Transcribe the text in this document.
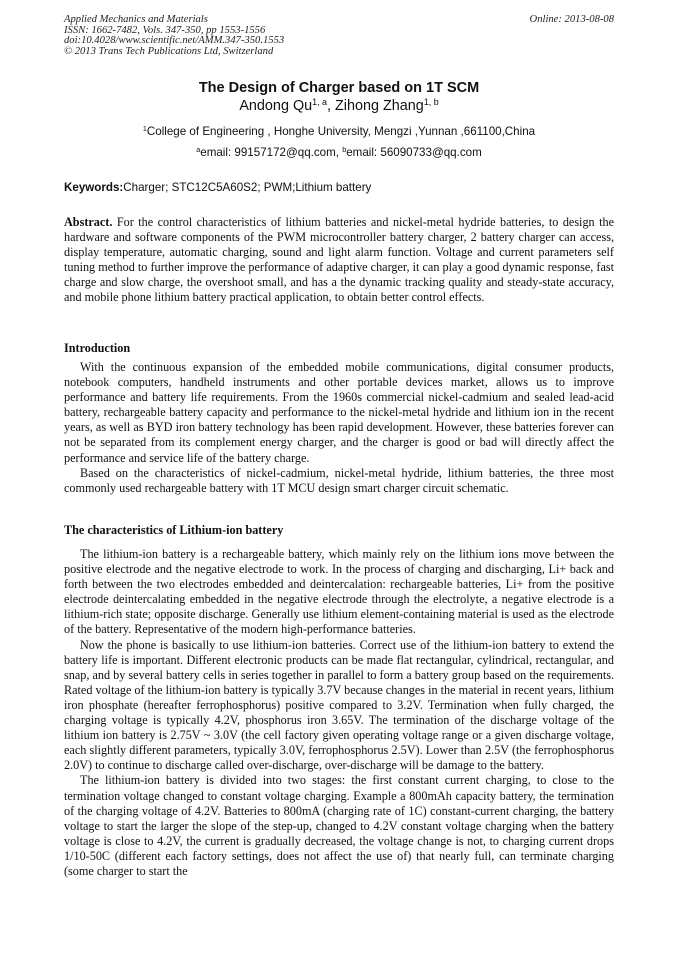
Applied Mechanics and Materials
ISSN: 1662-7482, Vols. 347-350, pp 1553-1556
doi:10.4028/www.scientific.net/AMM.347-350.1553
© 2013 Trans Tech Publications Ltd, Switzerland
Online: 2013-08-08
The Design of Charger based on 1T SCM
Andong Qu$^{1, a}$, Zihong Zhang$^{1, b}$
$^1$College of Engineering , Honghe University, Mengzi ,Yunnan ,661100,China
$^a$email: 99157172@qq.com, $^b$email: 56090733@qq.com
Keywords:Charger; STC12C5A60S2; PWM;Lithium battery

Abstract. For the control characteristics of lithium batteries and nickel-metal hydride batteries, to design the hardware and software components of the PWM microcontroller battery charger, 2 battery charger can access, display temperature, automatic charging, sound and light alarm function. Voltage and current parameters self tuning method to further improve the performance of adaptive charger, it can play a good dynamic response, fast charge and slow charge, the overshoot small, and has a the dynamic tracking quality and steady-state accuracy, and mobile phone lithium battery practical application, to obtain better control effects.

Introduction

With the continuous expansion of the embedded mobile communications, digital consumer products, notebook computers, handheld instruments and other portable devices market, allows us to improve performance and battery life requirements. From the 1960s commercial nickel-cadmium and sealed lead-acid battery, rechargeable battery capacity and performance to the nickel-metal hydride and lithium ion in the recent years, as well as BYD iron battery technology has been rapid development. However, these batteries forever can not be separated from its complement energy charger, and the charger is good or bad will directly affect the performance and service life of the battery charge.

Based on the characteristics of nickel-cadmium, nickel-metal hydride, lithium batteries, the three most commonly used rechargeable battery with 1T MCU design smart charger circuit schematic.

The characteristics of Lithium-ion battery

The lithium-ion battery is a rechargeable battery, which mainly rely on the lithium ions move between the positive electrode and the negative electrode to work. In the process of charging and discharging, Li+ back and forth between the two electrodes embedded and deintercalation: rechargeable batteries, Li+ from the positive electrode deintercalating embedded in the negative electrode through the electrolyte, a negative electrode is a lithium-rich state; opposite discharge. Generally use lithium element-containing material is used as the electrode of the battery. Representative of the modern high-performance batteries.

Now the phone is basically to use lithium-ion batteries. Correct use of the lithium-ion battery to extend the battery life is important. Different electronic products can be made flat rectangular, cylindrical, rectangular, and snap, and by several battery cells in series together in parallel to form a battery group based on the requirements. Rated voltage of the lithium-ion battery is typically 3.7V because changes in the material in recent years, lithium iron phosphate (hereafter ferrophosphorus) positive compared to 3.2V. Termination when fully charged, the charging voltage is typically 4.2V, phosphorus iron 3.65V. The termination of the discharge voltage of the lithium ion battery is 2.75V ~ 3.0V (the cell factory given operating voltage range or a given discharge voltage, each slightly different parameters, typically 3.0V, ferrophosphorus 2.5V). Lower than 2.5V (the ferrophosphorus 2.0V) to continue to discharge called over-discharge, over-discharge will be damage to the battery.

The lithium-ion battery is divided into two stages: the first constant current charging, to close to the termination voltage changed to constant voltage charging. Example a 800mAh capacity battery, the termination of the charging voltage of 4.2V. Batteries to 800mA (charging rate of 1C) constant-current charging, the battery voltage to start the larger the slope of the step-up, changed to 4.2V constant voltage charging when the battery voltage is close to 4.2V, the current is gradually decreased, the voltage change is not, to charging current drops 1/10-50C (different each factory settings, does not affect the use of) that nearly full, can terminate charging (some charger to start the
